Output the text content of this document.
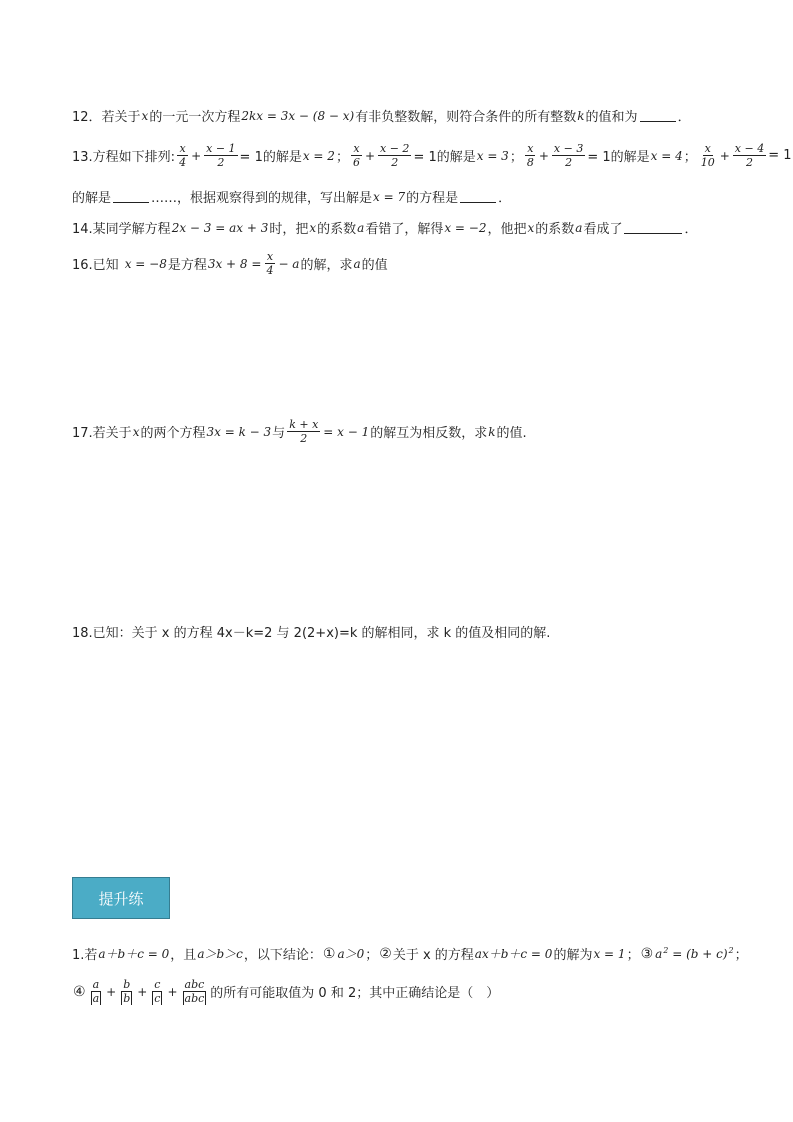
12．若关于 x 的一元一次方程 2kx = 3x − (8 − x) 有非负整数解，则符合条件的所有整数 k 的值和为	．
13.方程如下排列: $\frac{x}{4} + \frac{x - 1}{2} = 1$的解是 x = 2 ； $\frac{x}{6} + \frac{x - 2}{2} = 1$的解是 x = 3 ； $\frac{x}{8} + \frac{x - 3}{2} = 1$的解是 x = 4 ； $\frac{x}{10} + \frac{x - 4}{2} = 1$
的解是	……，根据观察得到的规律，写出解是 x = 7 的方程是	．
14.某同学解方程 2x − 3 = ax + 3 时，把 x 的系数 a 看错了，解得 x = −2 ，他把 x 的系数 a 看成了	．
16.已知 x = −8 是方程 $3x + 8 = \frac{x}{4} - a$ 的解，求 a 的值
17.若关于 x 的两个方程 3x = k − 3 与 $\frac{k + x}{2} = x - 1$ 的解互为相反数，求 k 的值.
18.已知：关于 x 的方程 4x－k=2 与 2(2+x)=k 的解相同，求 k 的值及相同的解.
提升练
1.若 a＋b＋c = 0 ，且 a＞b＞c ，以下结论： ① a＞0 ； ② 关于 x 的方程 ax＋b＋c = 0 的解为 x = 1 ； ③ $a^2 = (b + c)^2$ ；
④ $\frac{a}{a} + \frac{b}{b} + \frac{c}{c} + \frac{\text{abc}}{\text{abc}}$ 的所有可能取值为 0 和 2；其中正确结论是（　）
